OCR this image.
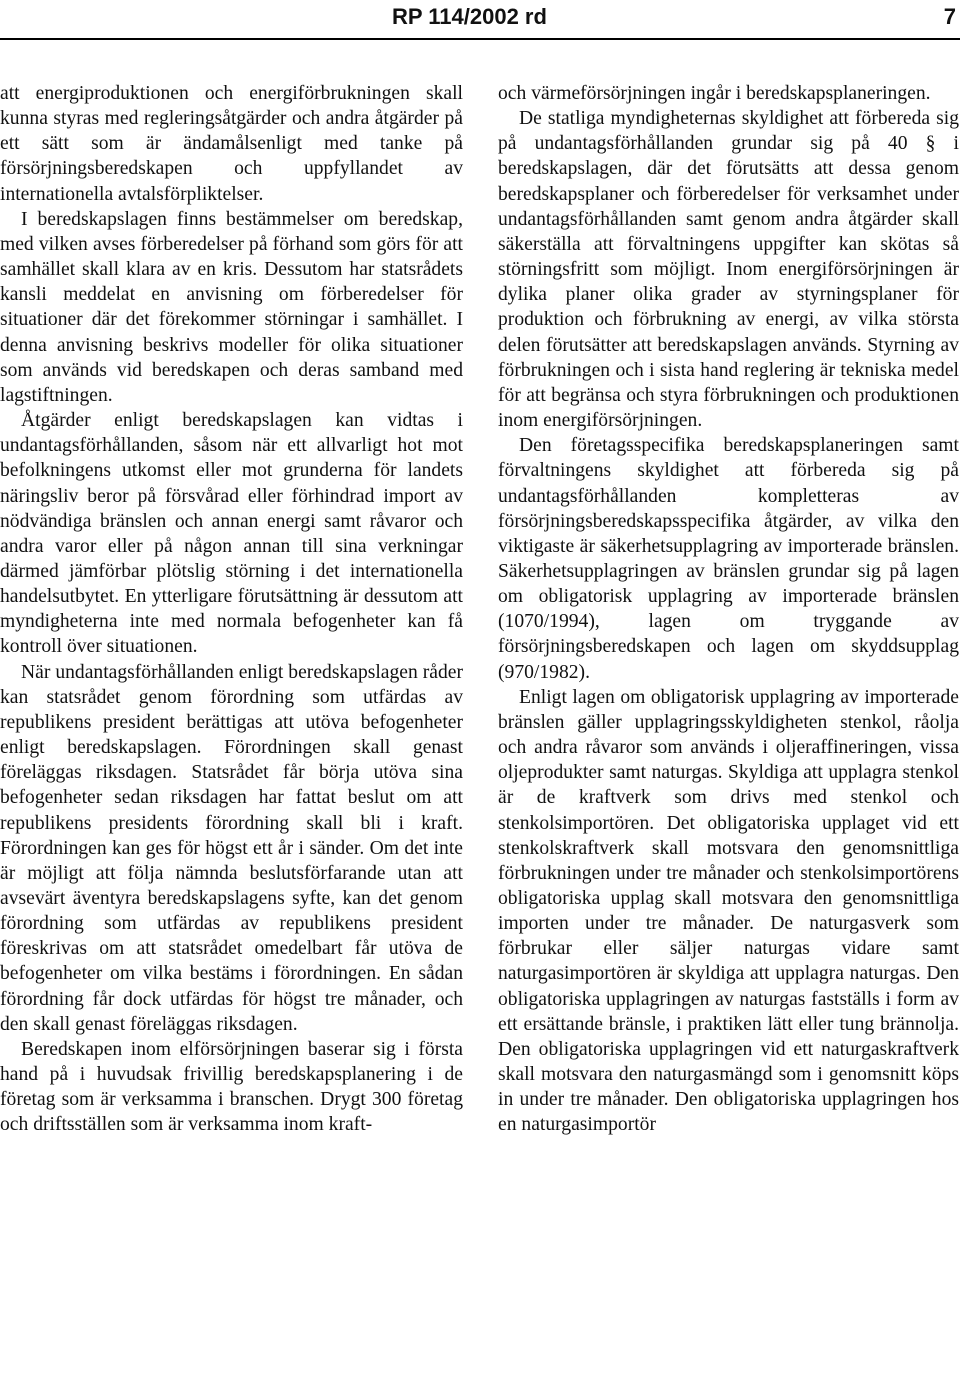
RP 114/2002 rd	7

att energiproduktionen och energiförbrukningen skall kunna styras med regleringsåtgärder och andra åtgärder på ett sätt som är ändamålsenligt med tanke på försörjningsberedskapen och uppfyllandet av internationella avtalsförpliktelser.

I beredskapslagen finns bestämmelser om beredskap, med vilken avses förberedelser på förhand som görs för att samhället skall klara av en kris. Dessutom har statsrådets kansli meddelat en anvisning om förberedelser för situationer där det förekommer störningar i samhället. I denna anvisning beskrivs modeller för olika situationer som används vid beredskapen och deras samband med lagstiftningen.

Åtgärder enligt beredskapslagen kan vidtas i undantagsförhållanden, såsom när ett allvarligt hot mot befolkningens utkomst eller mot grunderna för landets näringsliv beror på försvårad eller förhindrad import av nödvändiga bränslen och annan energi samt råvaror och andra varor eller på någon annan till sina verkningar därmed jämförbar plötslig störning i det internationella handelsutbytet. En ytterligare förutsättning är dessutom att myndigheterna inte med normala befogenheter kan få kontroll över situationen.

När undantagsförhållanden enligt beredskapslagen råder kan statsrådet genom förordning som utfärdas av republikens president berättigas att utöva befogenheter enligt beredskapslagen. Förordningen skall genast föreläggas riksdagen. Statsrådet får börja utöva sina befogenheter sedan riksdagen har fattat beslut om att republikens presidents förordning skall bli i kraft. Förordningen kan ges för högst ett år i sänder. Om det inte är möjligt att följa nämnda beslutsförfarande utan att avsevärt äventyra beredskapslagens syfte, kan det genom förordning som utfärdas av republikens president föreskrivas om att statsrådet omedelbart får utöva de befogenheter om vilka bestäms i förordningen. En sådan förordning får dock utfärdas för högst tre månader, och den skall genast föreläggas riksdagen.

Beredskapen inom elförsörjningen baserar sig i första hand på i huvudsak frivillig beredskapsplanering i de företag som är verksamma i branschen. Drygt 300 företag och driftsställen som är verksamma inom kraft-

och värmeförsörjningen ingår i beredskapsplaneringen.

De statliga myndigheternas skyldighet att förbereda sig på undantagsförhållanden grundar sig på 40 § i beredskapslagen, där det förutsätts att dessa genom beredskapsplaner och förberedelser för verksamhet under undantagsförhållanden samt genom andra åtgärder skall säkerställa att förvaltningens uppgifter kan skötas så störningsfritt som möjligt. Inom energiförsörjningen är dylika planer olika grader av styrningsplaner för produktion och förbrukning av energi, av vilka största delen förutsätter att beredskapslagen används. Styrning av förbrukningen och i sista hand reglering är tekniska medel för att begränsa och styra förbrukningen och produktionen inom energiförsörjningen.

Den företagsspecifika beredskapsplaneringen samt förvaltningens skyldighet att förbereda sig på undantagsförhållanden kompletteras av försörjningsberedskapsspecifika åtgärder, av vilka den viktigaste är säkerhetsupplagring av importerade bränslen. Säkerhetsupplagringen av bränslen grundar sig på lagen om obligatorisk upplagring av importerade bränslen (1070/1994), lagen om tryggande av försörjningsberedskapen och lagen om skyddsupplag (970/1982).

Enligt lagen om obligatorisk upplagring av importerade bränslen gäller upplagringsskyldigheten stenkol, råolja och andra råvaror som används i oljeraffineringen, vissa oljeprodukter samt naturgas. Skyldiga att upplagra stenkol är de kraftverk som drivs med stenkol och stenkolsimportören. Det obligatoriska upplaget vid ett stenkolskraftverk skall motsvara den genomsnittliga förbrukningen under tre månader och stenkolsimportörens obligatoriska upplag skall motsvara den genomsnittliga importen under tre månader. De naturgasverk som förbrukar eller säljer naturgas vidare samt naturgasimportören är skyldiga att upplagra naturgas. Den obligatoriska upplagringen av naturgas fastställs i form av ett ersättande bränsle, i praktiken lätt eller tung brännolja. Den obligatoriska upplagringen vid ett naturgaskraftverk skall motsvara den naturgasmängd som i genomsnitt köps in under tre månader. Den obligatoriska upplagringen hos en naturgasimportör
